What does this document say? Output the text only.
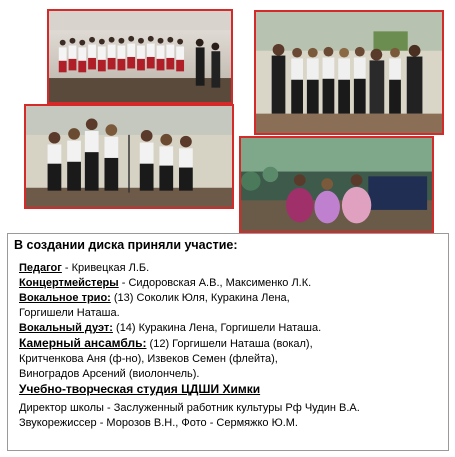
В создании диска приняли участие:
Педагог - Кривецкая Л.Б.
Концертмейстеры - Сидоровская А.В., Максименко Л.К.
Вокальное трио: (13) Соколик Юля, Куракина Лена,
Горгишели Наташа.
Вокальный дуэт: (14) Куракина Лена, Горгишели Наташа.
Камерный ансамбль: (12) Горгишели Наташа (вокал),
Критченкова Аня (ф-но), Извеков Семен (флейта),
Виноградов Арсений (виолончель).
Учебно-творческая студия ЦДШИ Химки
Директор школы - Заслуженный работник культуры Рф Чудин В.А.
Звукорежиссер - Морозов В.Н., Фото - Сермяжко Ю.М.
